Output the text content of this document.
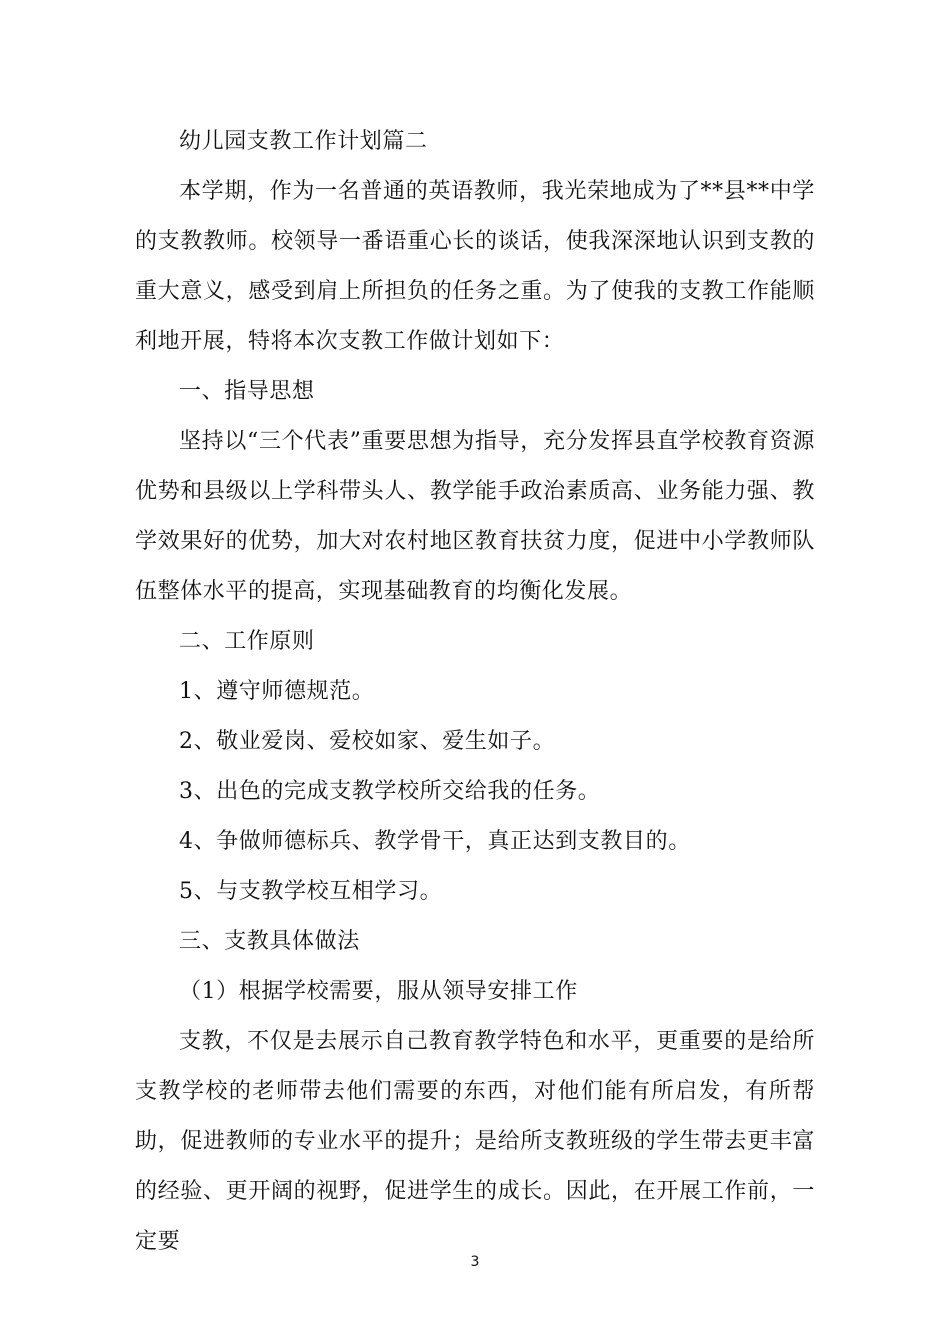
幼儿园支教工作计划篇二

本学期，作为一名普通的英语教师，我光荣地成为了**县**中学的支教教师。校领导一番语重心长的谈话，使我深深地认识到支教的重大意义，感受到肩上所担负的任务之重。为了使我的支教工作能顺利地开展，特将本次支教工作做计划如下：

一、指导思想

坚持以“三个代表”重要思想为指导，充分发挥县直学校教育资源优势和县级以上学科带头人、教学能手政治素质高、业务能力强、教学效果好的优势，加大对农村地区教育扶贫力度，促进中小学教师队伍整体水平的提高，实现基础教育的均衡化发展。

二、工作原则

1、遵守师德规范。

2、敬业爱岗、爱校如家、爱生如子。

3、出色的完成支教学校所交给我的任务。

4、争做师德标兵、教学骨干，真正达到支教目的。

5、与支教学校互相学习。

三、支教具体做法

（1）根据学校需要，服从领导安排工作

支教，不仅是去展示自己教育教学特色和水平，更重要的是给所支教学校的老师带去他们需要的东西，对他们能有所启发，有所帮助，促进教师的专业水平的提升；是给所支教班级的学生带去更丰富的经验、更开阔的视野，促进学生的成长。因此，在开展工作前，一定要

3
